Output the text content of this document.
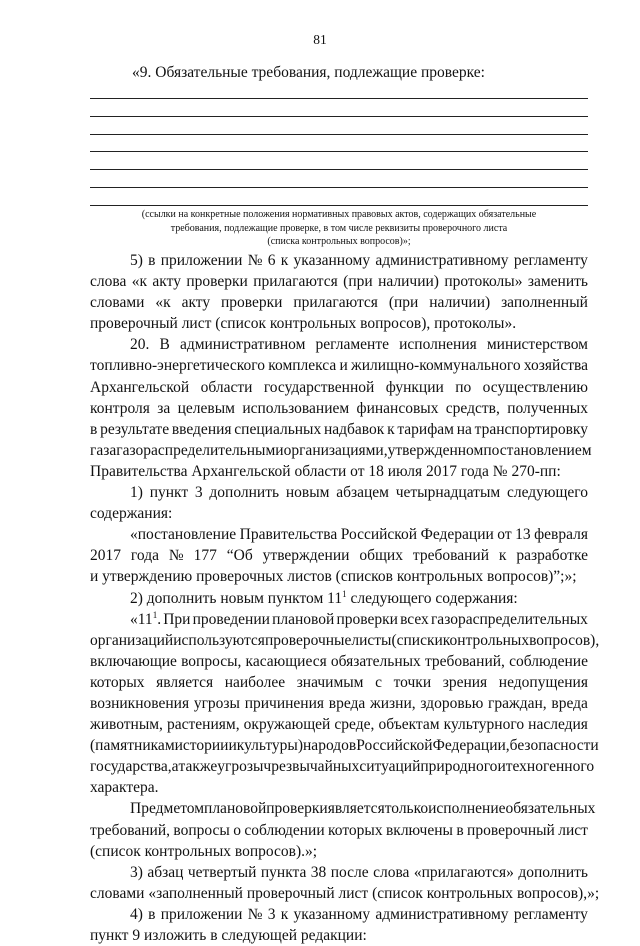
81
«9. Обязательные требования, подлежащие проверке:
(ссылки на конкретные положения нормативных правовых актов, содержащих обязательные
требования, подлежащие проверке, в том числе реквизиты проверочного листа
(списка контрольных вопросов)»;
5) в приложении № 6 к указанному административному регламенту
слова «к акту проверки прилагаются (при наличии) протоколы» заменить
словами «к акту проверки прилагаются (при наличии) заполненный
проверочный лист (список контрольных вопросов), протоколы».
20. В административном регламенте исполнения министерством
топливно-энергетического комплекса и жилищно-коммунального хозяйства
Архангельской области государственной функции по осуществлению
контроля за целевым использованием финансовых средств, полученных
в результате введения специальных надбавок к тарифам на транспортировку
газа газораспределительными организациями, утвержденном постановлением
Правительства Архангельской области от 18 июля 2017 года № 270-пп:
1) пункт 3 дополнить новым абзацем четырнадцатым следующего
содержания:
«постановление Правительства Российской Федерации от 13 февраля
2017 года № 177 “Об утверждении общих требований к разработке
и утверждению проверочных листов (списков контрольных вопросов)”;»;
2) дополнить новым пунктом $11^1$ следующего содержания:
«$11^1$. При проведении плановой проверки всех газораспределительных
организаций используются проверочные листы (списки контрольных вопросов),
включающие вопросы, касающиеся обязательных требований, соблюдение
которых является наиболее значимым с точки зрения недопущения
возникновения угрозы причинения вреда жизни, здоровью граждан, вреда
животным, растениям, окружающей среде, объектам культурного наследия
(памятникам истории и культуры) народов Российской Федерации, безопасности
государства, а также угрозы чрезвычайных ситуаций природного и техногенного
характера.
Предметом плановой проверки является только исполнение обязательных
требований, вопросы о соблюдении которых включены в проверочный лист
(список контрольных вопросов).»;
3) абзац четвертый пункта 38 после слова «прилагаются» дополнить
словами «заполненный проверочный лист (список контрольных вопросов),»;
4) в приложении № 3 к указанному административному регламенту
пункт 9 изложить в следующей редакции:
